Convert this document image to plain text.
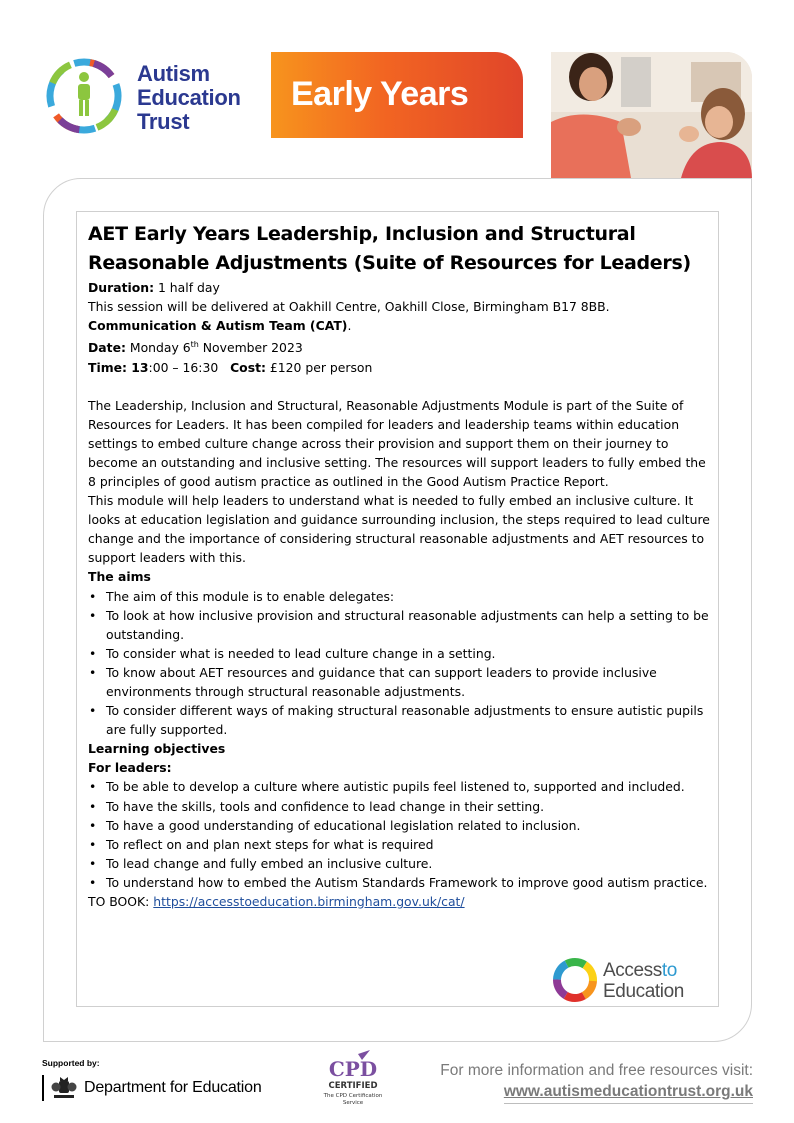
Autism
Education
Trust
Early Years
AET Early Years Leadership, Inclusion and Structural Reasonable Adjustments (Suite of Resources for Leaders)
Duration: 1 half day
This session will be delivered at Oakhill Centre, Oakhill Close, Birmingham B17 8BB.
Communication & Autism Team (CAT).
Date: Monday 6th November 2023
Time: 13:00 – 16:30 Cost: £120 per person
The Leadership, Inclusion and Structural, Reasonable Adjustments Module is part of the Suite of Resources for Leaders. It has been compiled for leaders and leadership teams within education settings to embed culture change across their provision and support them on their journey to become an outstanding and inclusive setting. The resources will support leaders to fully embed the 8 principles of good autism practice as outlined in the Good Autism Practice Report.
This module will help leaders to understand what is needed to fully embed an inclusive culture. It looks at education legislation and guidance surrounding inclusion, the steps required to lead culture change and the importance of considering structural reasonable adjustments and AET resources to support leaders with this.
The aims
• The aim of this module is to enable delegates:
• To look at how inclusive provision and structural reasonable adjustments can help a setting to be outstanding.
• To consider what is needed to lead culture change in a setting.
• To know about AET resources and guidance that can support leaders to provide inclusive environments through structural reasonable adjustments.
• To consider different ways of making structural reasonable adjustments to ensure autistic pupils are fully supported.
Learning objectives
For leaders:
• To be able to develop a culture where autistic pupils feel listened to, supported and included.
• To have the skills, tools and confidence to lead change in their setting.
• To have a good understanding of educational legislation related to inclusion.
• To reflect on and plan next steps for what is required
• To lead change and fully embed an inclusive culture.
• To understand how to embed the Autism Standards Framework to improve good autism practice.
TO BOOK: https://accesstoeducation.birmingham.gov.uk/cat/
Accessto
Education
Supported by:
Department for Education
CPD
CERTIFIED
The CPD Certification
Service
For more information and free resources visit:
www.autismeducationtrust.org.uk
